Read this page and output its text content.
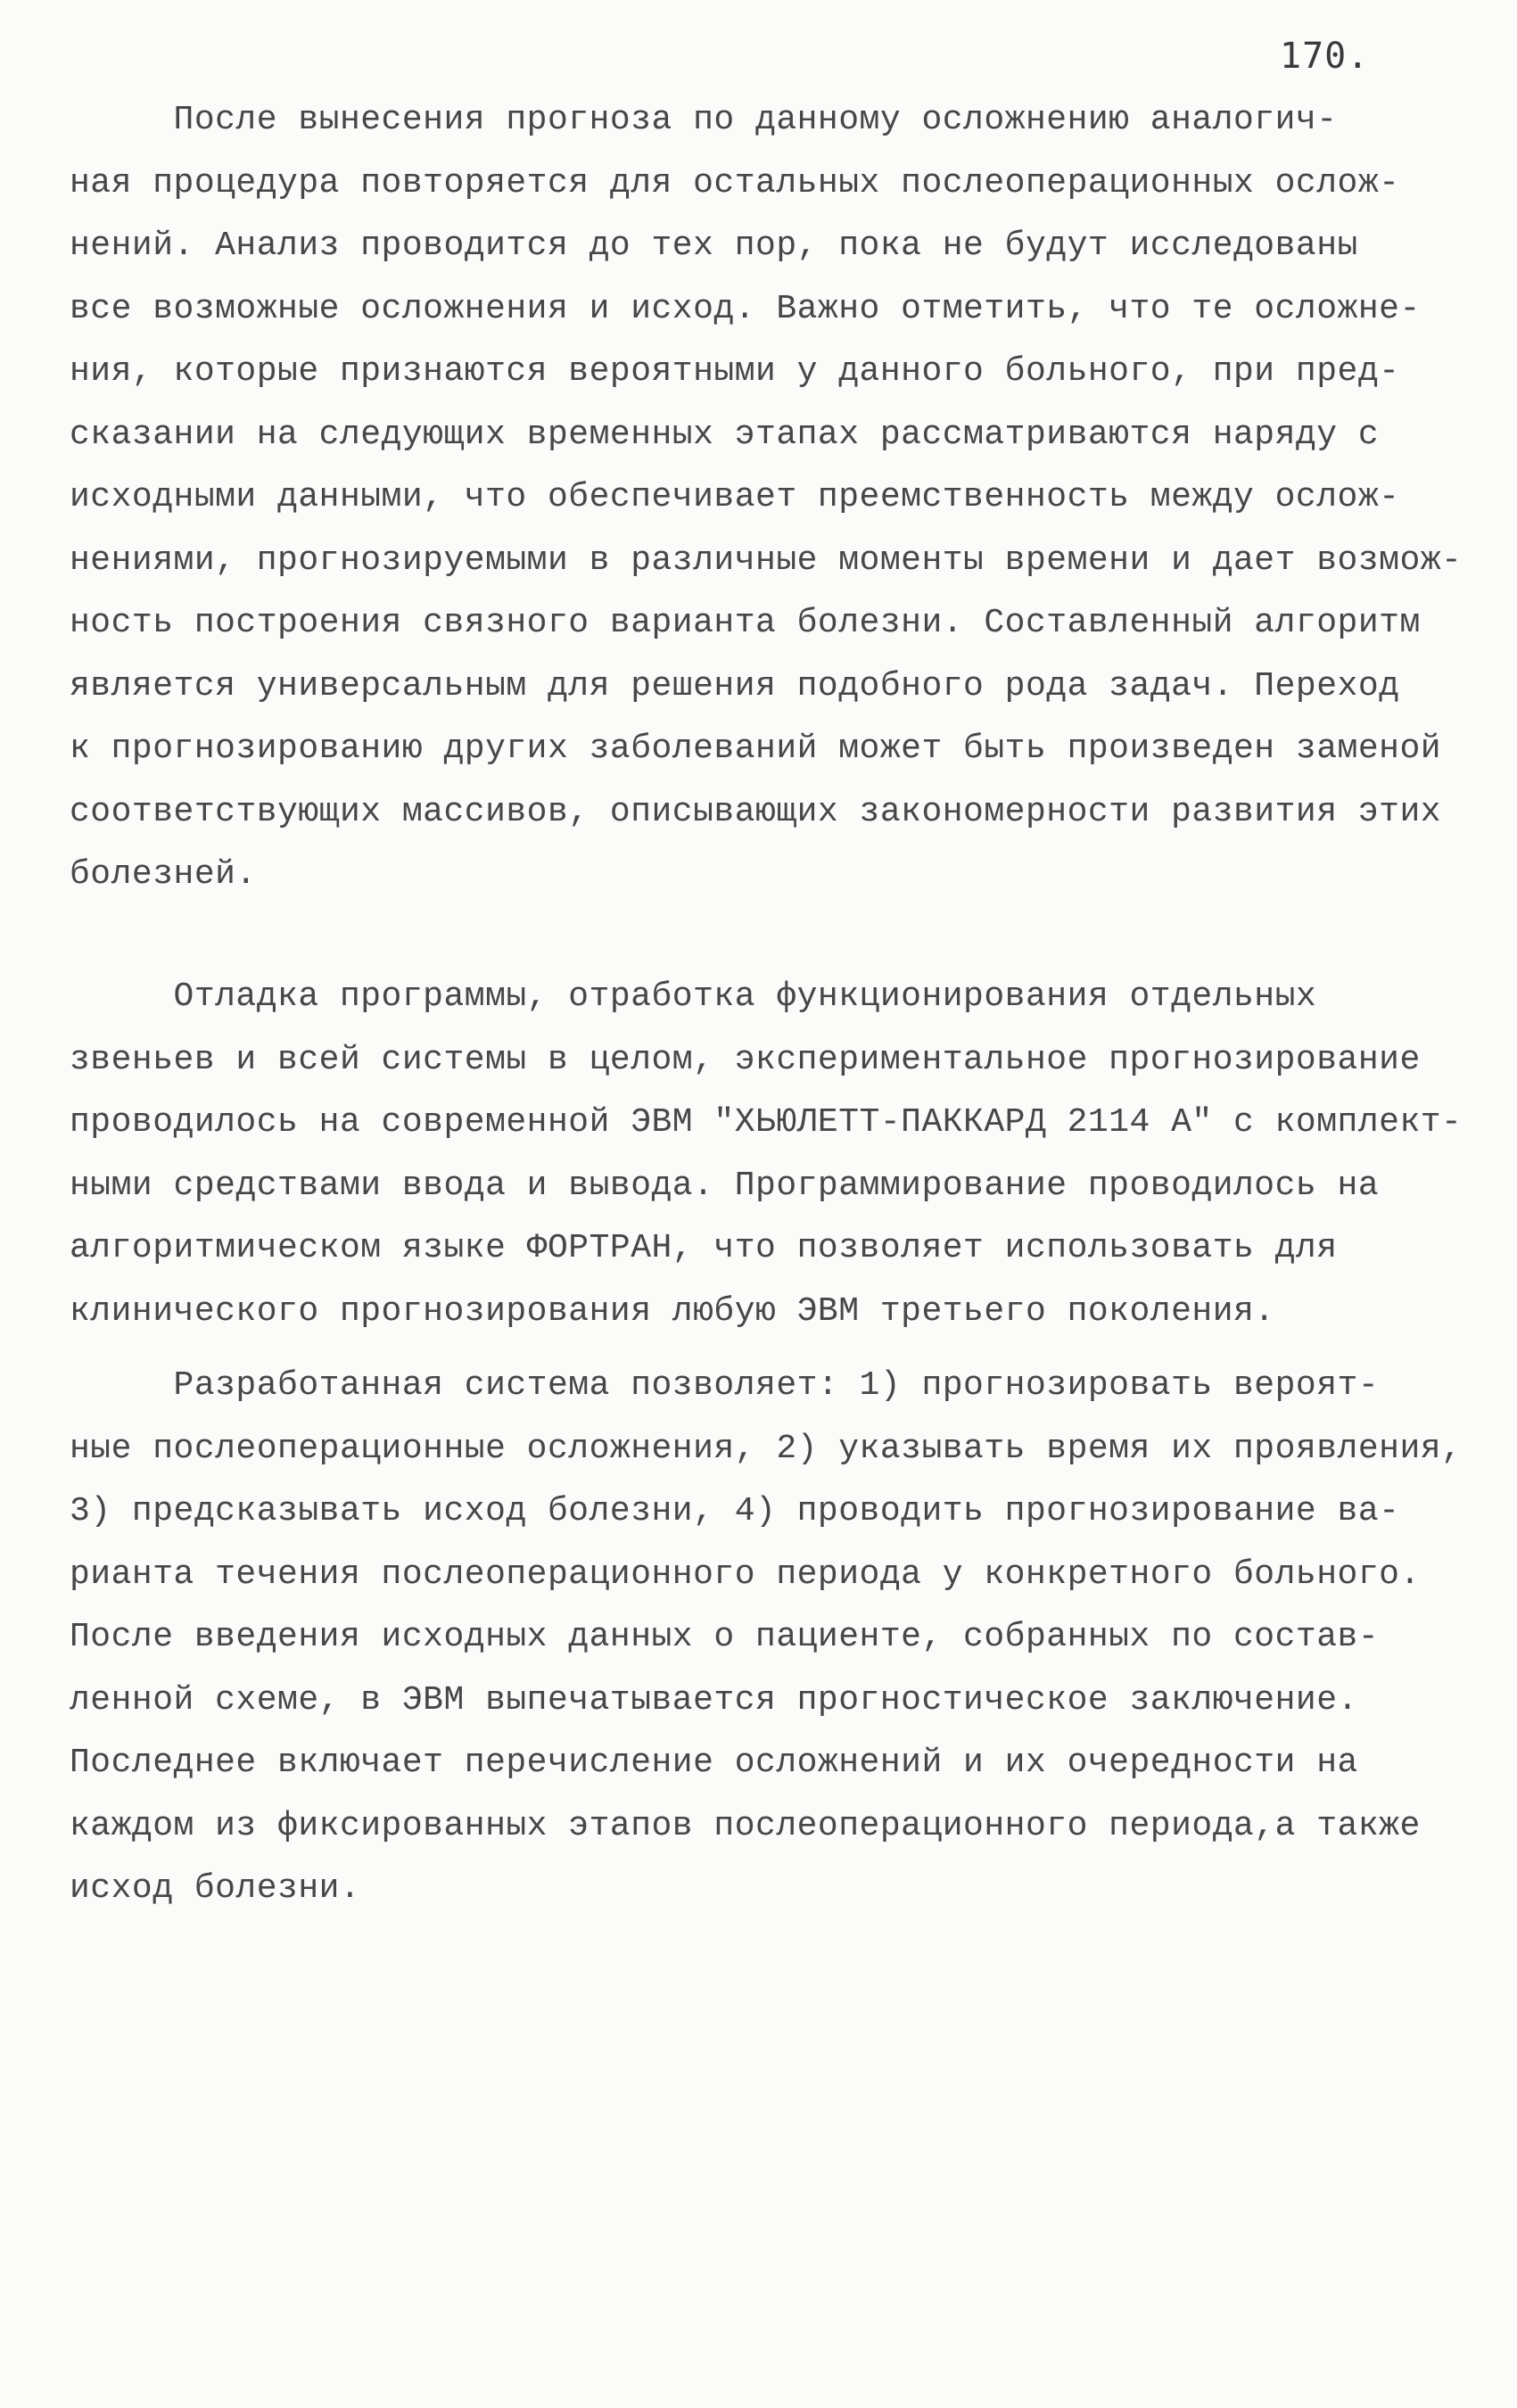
170.
После вынесения прогноза по данному осложнению аналогич-
ная процедура повторяется для остальных послеоперационных ослож-
нений. Анализ проводится до тех пор, пока не будут исследованы
все возможные осложнения и исход. Важно отметить, что те осложне-
ния, которые признаются вероятными у данного больного, при пред-
сказании на следующих временных этапах рассматриваются наряду с
исходными данными, что обеспечивает преемственность между ослож-
нениями, прогнозируемыми в различные моменты времени и дает возмож-
ность построения связного варианта болезни. Составленный алгоритм
является универсальным для решения подобного рода задач. Переход
к прогнозированию других заболеваний может быть произведен заменой
соответствующих массивов, описывающих закономерности развития этих
болезней.
Отладка программы, отработка функционирования отдельных
звеньев и всей системы в целом, экспериментальное прогнозирование
проводилось на современной ЭВМ "ХЬЮЛЕТТ-ПАККАРД 2114 А" с комплект-
ными средствами ввода и вывода. Программирование проводилось на
алгоритмическом языке ФОРТРАН, что позволяет использовать для
клинического прогнозирования любую ЭВМ третьего поколения.
Разработанная система позволяет: 1) прогнозировать вероят-
ные послеоперационные осложнения, 2) указывать время их проявления,
3) предсказывать исход болезни, 4) проводить прогнозирование ва-
рианта течения послеоперационного периода у конкретного больного.
После введения исходных данных о пациенте, собранных по состав-
ленной схеме, в ЭВМ выпечатывается прогностическое заключение.
Последнее включает перечисление осложнений и их очередности на
каждом из фиксированных этапов послеоперационного периода,а также
исход болезни.
